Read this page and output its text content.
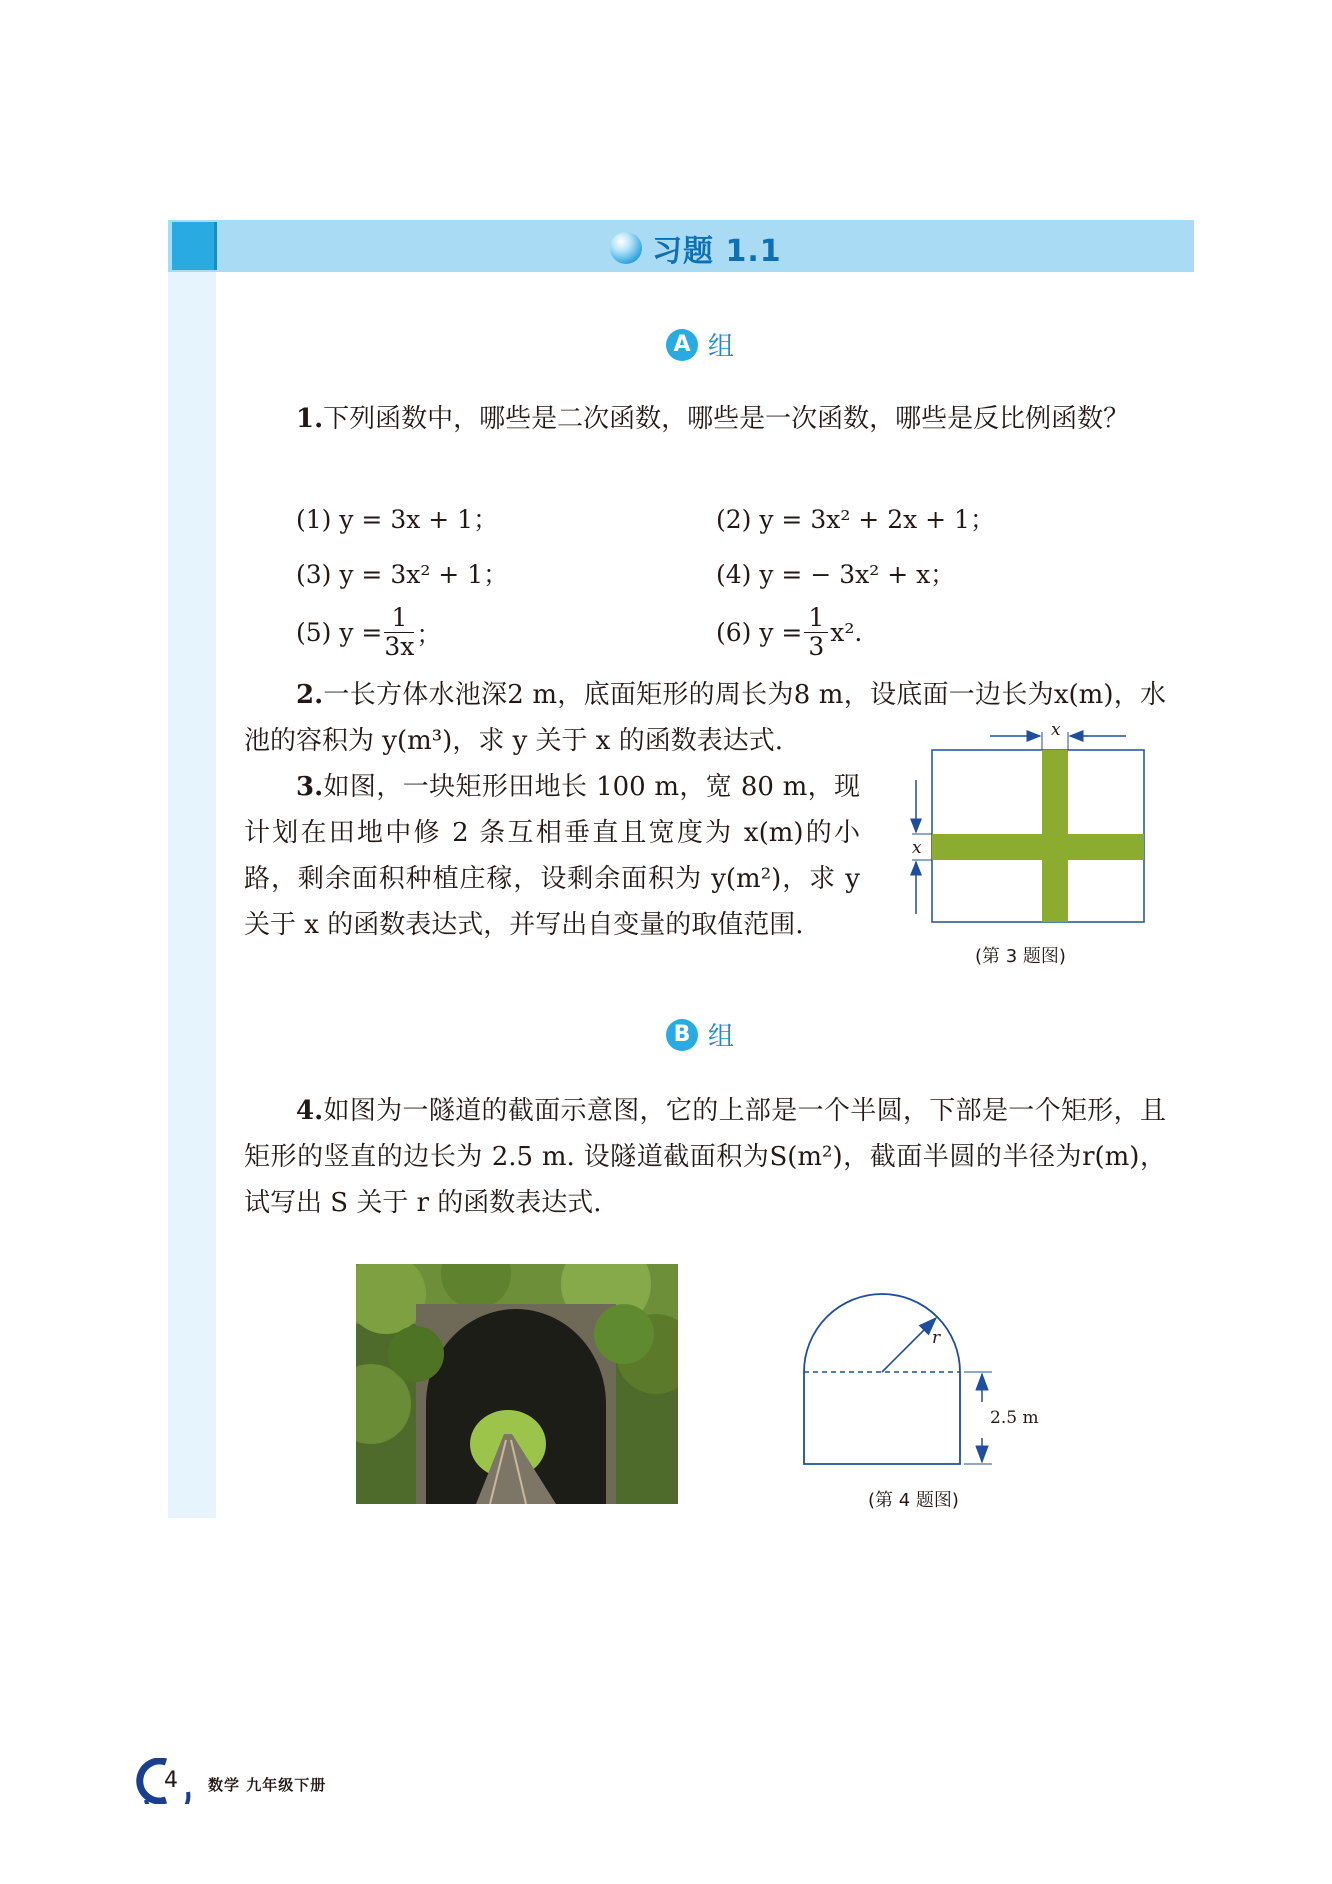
习题 1.1
A 组
1.下列函数中，哪些是二次函数，哪些是一次函数，哪些是反比例函数？
(1) y = 3x + 1；	(2) y = 3x² + 2x + 1；
(3) y = 3x² + 1；	(4) y = − 3x² + x；
(5) $y = \frac{1}{3x}$ ；	(6) $y = \frac{1}{3} x^2$.
2.一长方体水池深2 m，底面矩形的周长为8 m，设底面一边长为x(m)，水池的容积为 y(m³)，求 y 关于 x 的函数表达式.
3.如图，一块矩形田地长 100 m，宽 80 m，现计划在田地中修 2 条互相垂直且宽度为 x(m)的小路，剩余面积种植庄稼，设剩余面积为 y(m²)，求 y 关于 x 的函数表达式，并写出自变量的取值范围.
x
x
(第 3 题图)
B 组
4.如图为一隧道的截面示意图，它的上部是一个半圆，下部是一个矩形，且矩形的竖直的边长为 2.5 m. 设隧道截面积为S(m²)，截面半圆的半径为r(m)，试写出 S 关于 r 的函数表达式.
r
2.5 m
(第 4 题图)
4 数学 九年级下册
